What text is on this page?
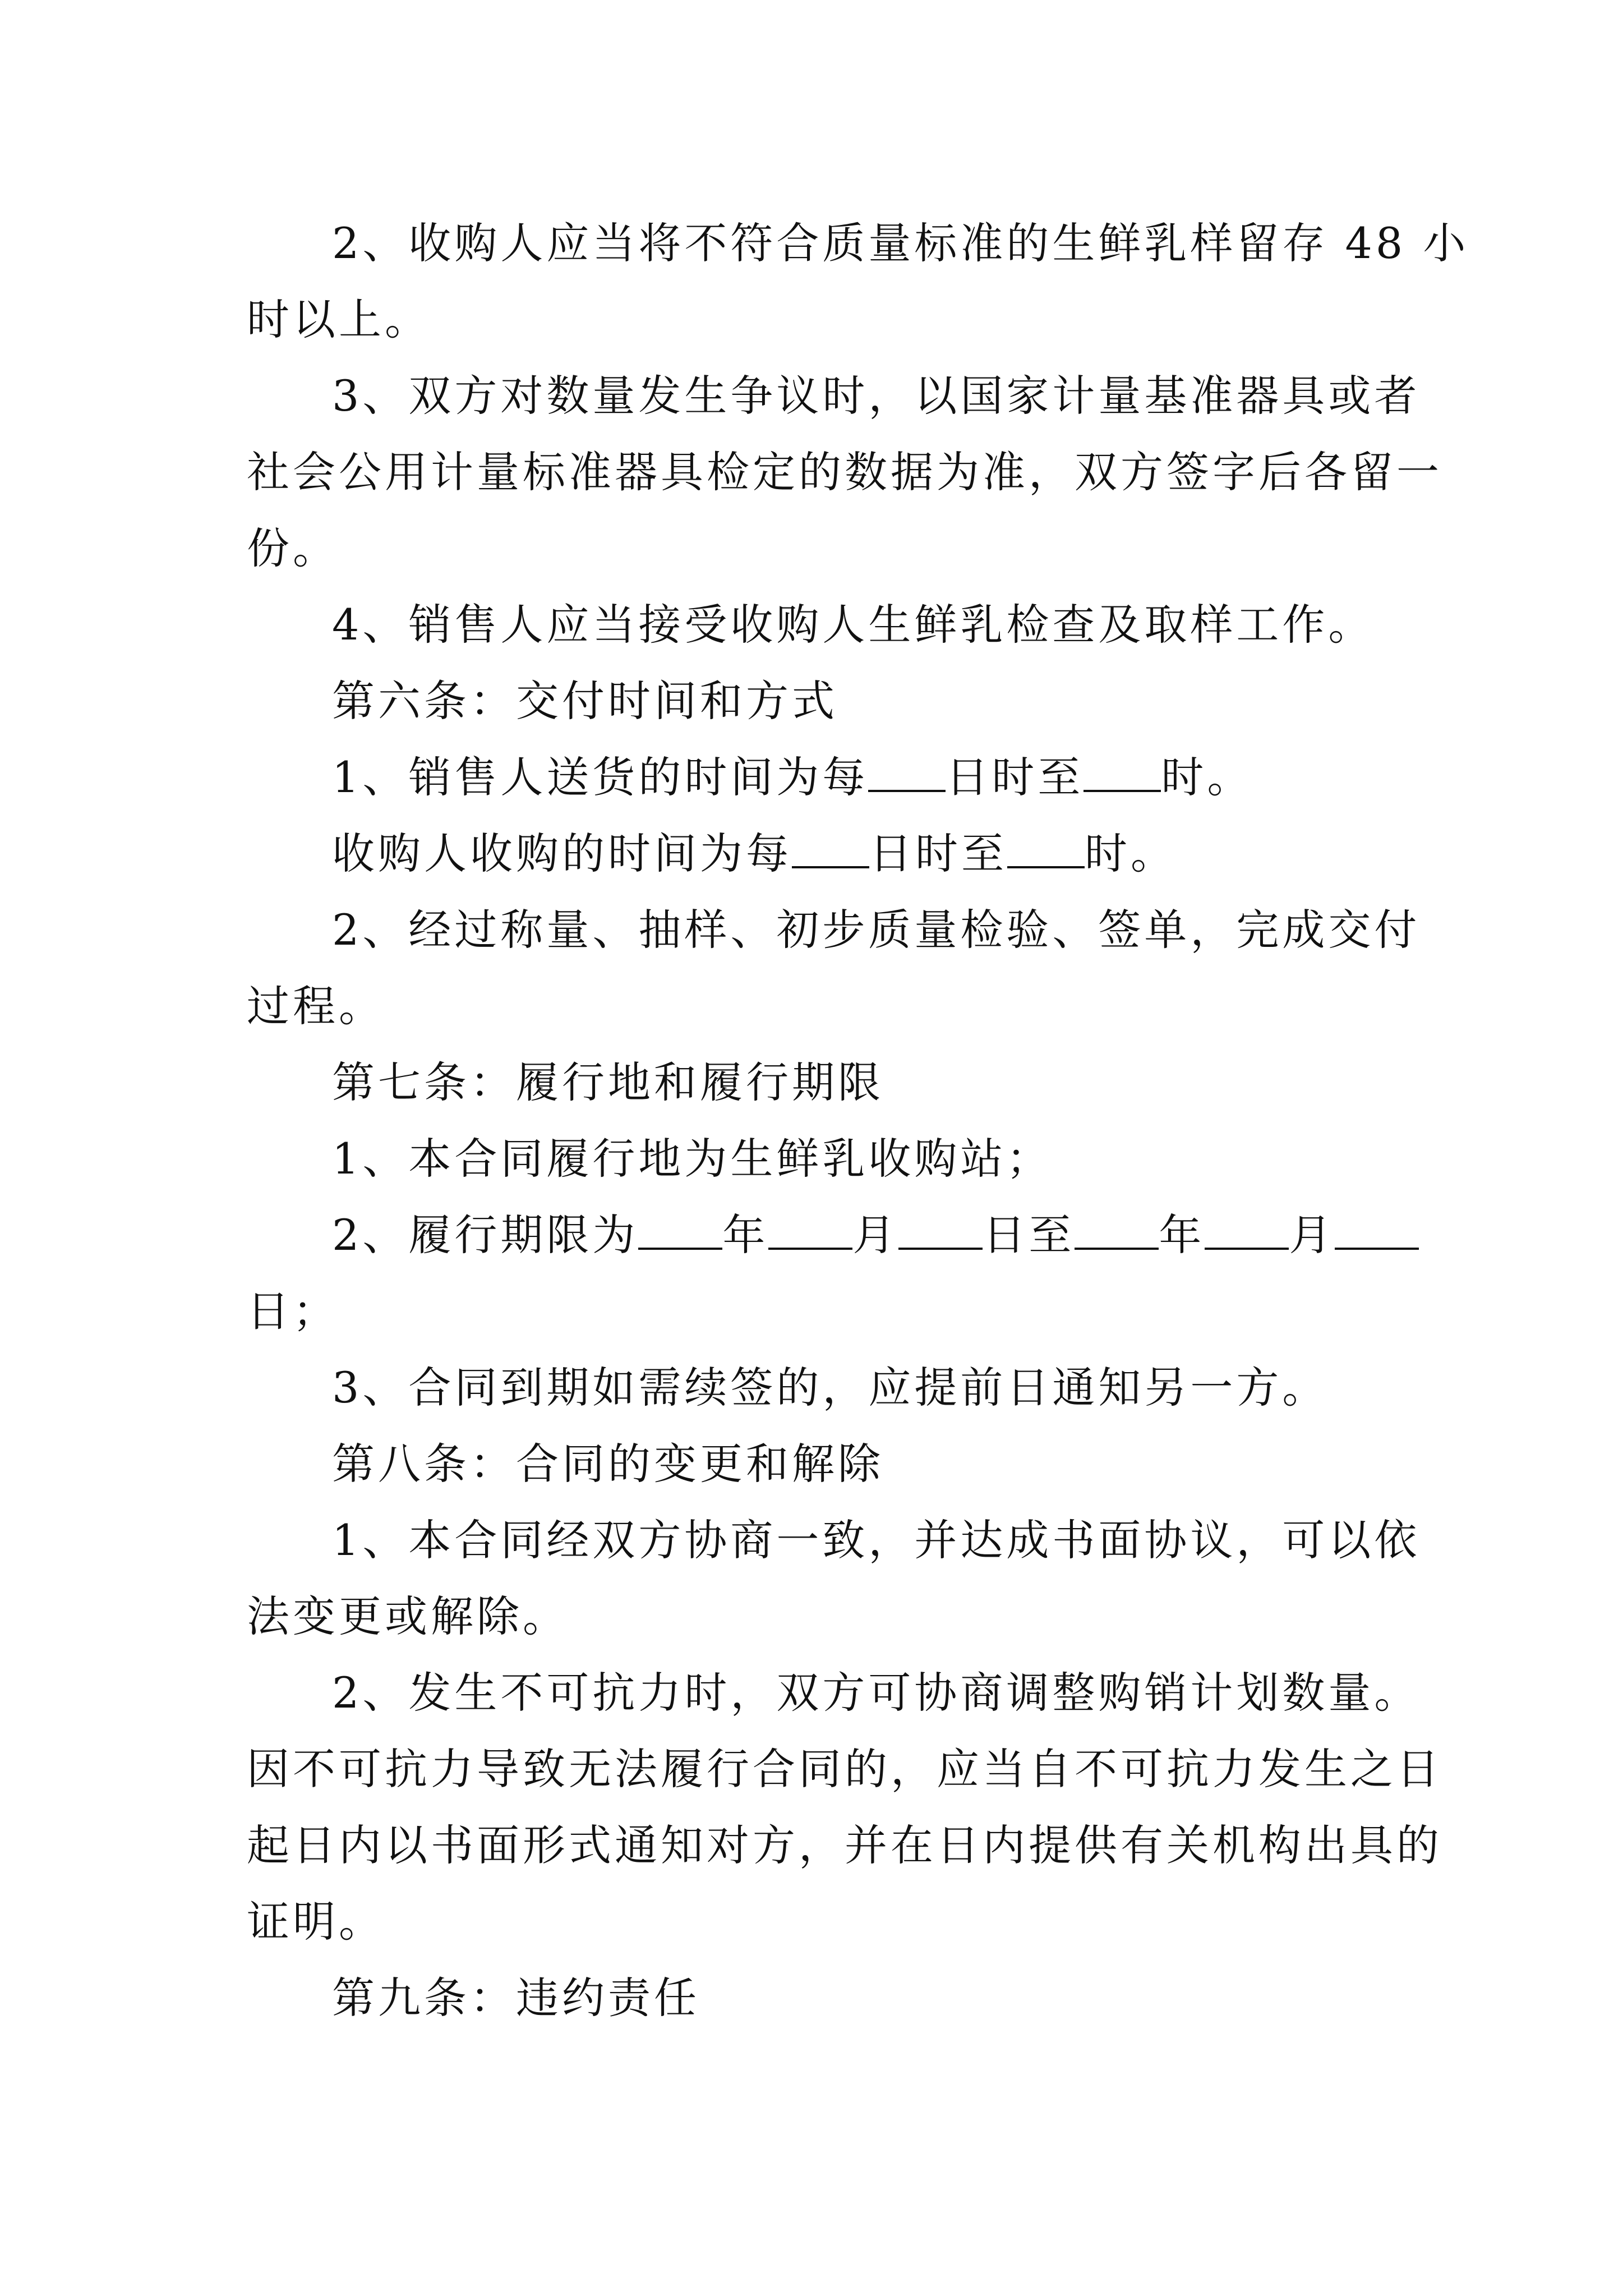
2、收购人应当将不符合质量标准的生鲜乳样留存 48 小
时以上。
3、双方对数量发生争议时，以国家计量基准器具或者
社会公用计量标准器具检定的数据为准，双方签字后各留一
份。
4、销售人应当接受收购人生鲜乳检查及取样工作。
第六条：交付时间和方式
1、销售人送货的时间为每 日时至 时。
收购人收购的时间为每 日时至 时。
2、经过称量、抽样、初步质量检验、签单，完成交付
过程。
第七条：履行地和履行期限
1、本合同履行地为生鲜乳收购站；
2、履行期限为 年 月 日至 年 月
日；
3、合同到期如需续签的，应提前日通知另一方。
第八条：合同的变更和解除
1、本合同经双方协商一致，并达成书面协议，可以依
法变更或解除。
2、发生不可抗力时，双方可协商调整购销计划数量。
因不可抗力导致无法履行合同的，应当自不可抗力发生之日
起日内以书面形式通知对方，并在日内提供有关机构出具的
证明。
第九条：违约责任
